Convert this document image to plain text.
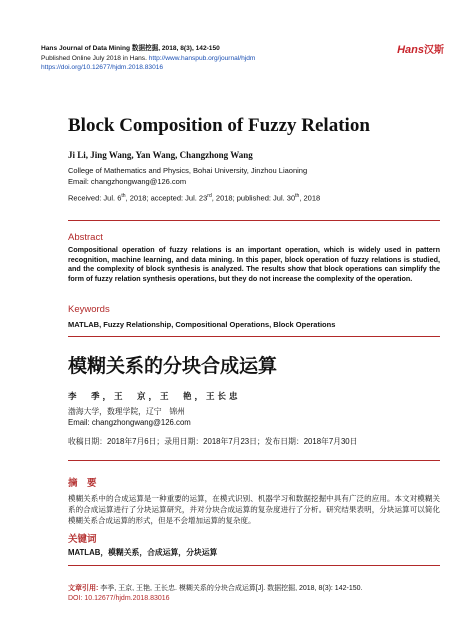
Hans Journal of Data Mining 数据挖掘, 2018, 8(3), 142-150
Published Online July 2018 in Hans. http://www.hanspub.org/journal/hjdm
https://doi.org/10.12677/hjdm.2018.83016
Hans汉斯
Block Composition of Fuzzy Relation
Ji Li, Jing Wang, Yan Wang, Changzhong Wang
College of Mathematics and Physics, Bohai University, Jinzhou Liaoning
Email: changzhongwang@126.com
Received: Jul. 6th, 2018; accepted: Jul. 23rd, 2018; published: Jul. 30th, 2018
Abstract
Compositional operation of fuzzy relations is an important operation, which is widely used in pattern recognition, machine learning, and data mining. In this paper, block operation of fuzzy relations is studied, and the complexity of block synthesis is analyzed. The results show that block operations can simplify the form of fuzzy relation synthesis operations, but they do not increase the complexity of the operation.
Keywords
MATLAB, Fuzzy Relationship, Compositional Operations, Block Operations
模糊关系的分块合成运算
李　季，王　京，王　艳，王长忠
渤海大学，数理学院，辽宁　锦州
Email: changzhongwang@126.com
收稿日期：2018年7月6日；录用日期：2018年7月23日；发布日期：2018年7月30日
摘　要
模糊关系中的合成运算是一种重要的运算，在模式识别、机器学习和数据挖掘中具有广泛的应用。本文对模糊关系的合成运算进行了分块运算研究，并对分块合成运算的复杂度进行了分析。研究结果表明，分块运算可以简化模糊关系合成运算的形式，但是不会增加运算的复杂度。
关键词
MATLAB，模糊关系，合成运算，分块运算
文章引用: 李季, 王京, 王艳, 王长忠. 模糊关系的分块合成运算[J]. 数据挖掘, 2018, 8(3): 142-150.
DOI: 10.12677/hjdm.2018.83016
